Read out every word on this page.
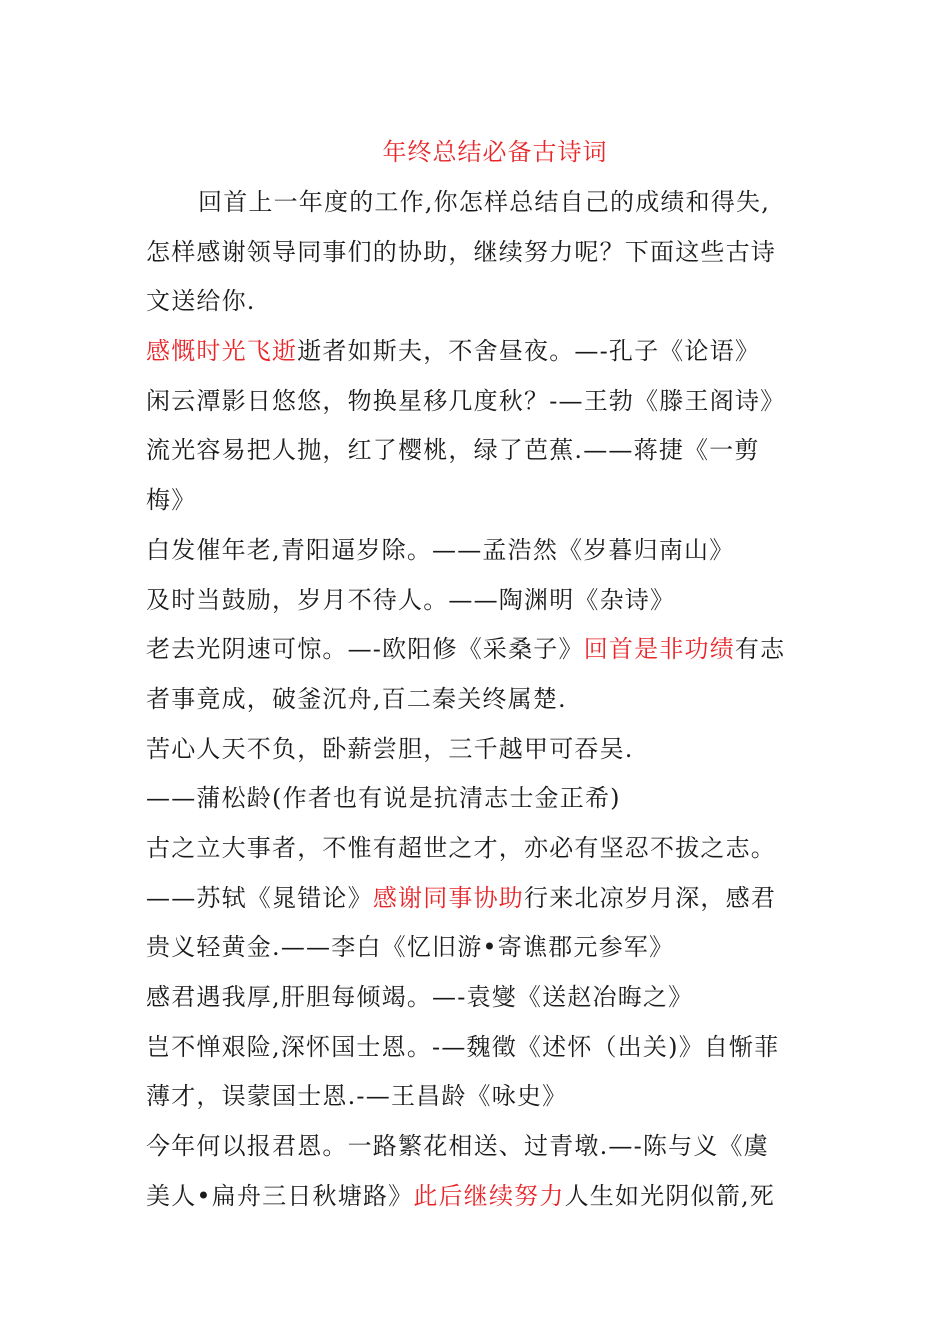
年终总结必备古诗词
回首上一年度的工作,你怎样总结自己的成绩和得失,
怎样感谢领导同事们的协助，继续努力呢？下面这些古诗
文送给你.
感慨时光飞逝逝者如斯夫，不舍昼夜。—-孔子《论语》
闲云潭影日悠悠，物换星移几度秋？-—王勃《滕王阁诗》
流光容易把人抛，红了樱桃，绿了芭蕉.——蒋捷《一剪
梅》
白发催年老,青阳逼岁除。——孟浩然《岁暮归南山》
及时当鼓励，岁月不待人。——陶渊明《杂诗》
老去光阴速可惊。—-欧阳修《采桑子》回首是非功绩有志
者事竟成，破釜沉舟,百二秦关终属楚.
苦心人天不负，卧薪尝胆，三千越甲可吞吴.
——蒲松龄(作者也有说是抗清志士金正希)
古之立大事者，不惟有超世之才，亦必有坚忍不拔之志。
——苏轼《晁错论》感谢同事协助行来北凉岁月深，感君
贵义轻黄金.——李白《忆旧游•寄谯郡元参军》
感君遇我厚,肝胆每倾竭。—-袁燮《送赵冶晦之》
岂不惮艰险,深怀国士恩。-—魏徵《述怀（出关)》自惭菲
薄才，误蒙国士恩.-—王昌龄《咏史》
今年何以报君恩。一路繁花相送、过青墩.—-陈与义《虞
美人•扁舟三日秋塘路》此后继续努力人生如光阴似箭,死
